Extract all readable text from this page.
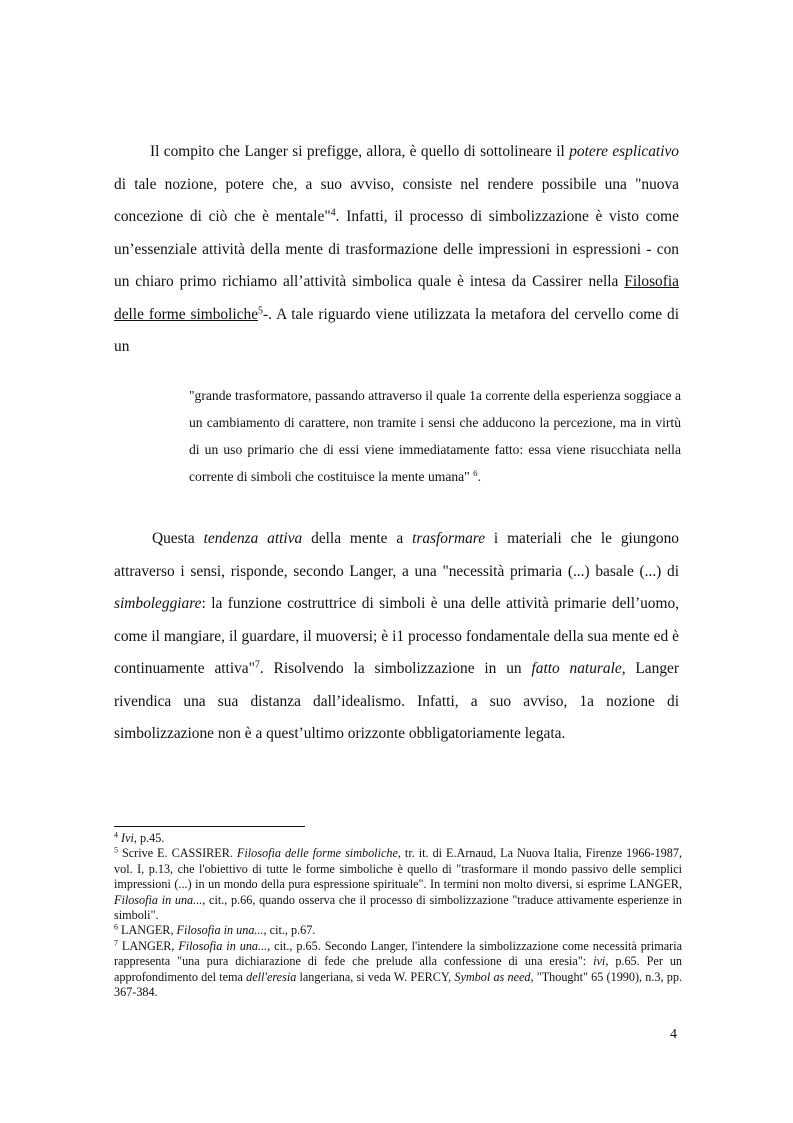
Il compito che Langer si prefigge, allora, è quello di sottolineare il potere esplicativo di tale nozione, potere che, a suo avviso, consiste nel rendere possibile una "nuova concezione di ciò che è mentale"$^4$. Infatti, il processo di simbolizzazione è visto come un’essenziale attività della mente di trasformazione delle impressioni in espressioni - con un chiaro primo richiamo all’attività simbolica quale è intesa da Cassirer nella Filosofia delle forme simboliche$^5$-. A tale riguardo viene utilizzata la metafora del cervello come di un

"grande trasformatore, passando attraverso il quale 1a corrente della esperienza soggiace a un cambiamento di carattere, non tramite i sensi che adducono la percezione, ma in virtù di un uso primario che di essi viene immediatamente fatto: essa viene risucchiata nella corrente di simboli che costituisce la mente umana" $^6$.

Questa tendenza attiva della mente a trasformare i materiali che le giungono attraverso i sensi, risponde, secondo Langer, a una "necessità primaria (...) basale (...) di simboleggiare: la funzione costruttrice di simboli è una delle attività primarie dell’uomo, come il mangiare, il guardare, il muoversi; è i1 processo fondamentale della sua mente ed è continuamente attiva"$^7$. Risolvendo la simbolizzazione in un fatto naturale, Langer rivendica una sua distanza dall’idealismo. Infatti, a suo avviso, 1a nozione di simbolizzazione non è a quest’ultimo orizzonte obbligatoriamente legata.

$^4$ Ivi, p.45.

$^5$ Scrive E. CASSIRER. Filosofia delle forme simboliche, tr. it. di E.Arnaud, La Nuova Italia, Firenze 1966-1987, vol. I, p.13, che l'obiettivo di tutte le forme simboliche è quello di "trasformare il mondo passivo delle semplici impressioni (...) in un mondo della pura espressione spirituale". In termini non molto diversi, si esprime LANGER, Filosofia in una..., cit., p.66, quando osserva che il processo di simbolizzazione "traduce attivamente esperienze in simboli".

$^6$ LANGER, Filosofia in una..., cit., p.67.

$^7$ LANGER, Filosofia in una..., cit., p.65. Secondo Langer, l'intendere la simbolizzazione come necessità primaria rappresenta "una pura dichiarazione di fede che prelude alla confessione di una eresia": ivi, p.65. Per un approfondimento del tema dell'eresia langeriana, si veda W. PERCY, Symbol as need, "Thought" 65 (1990), n.3, pp. 367-384.

4
